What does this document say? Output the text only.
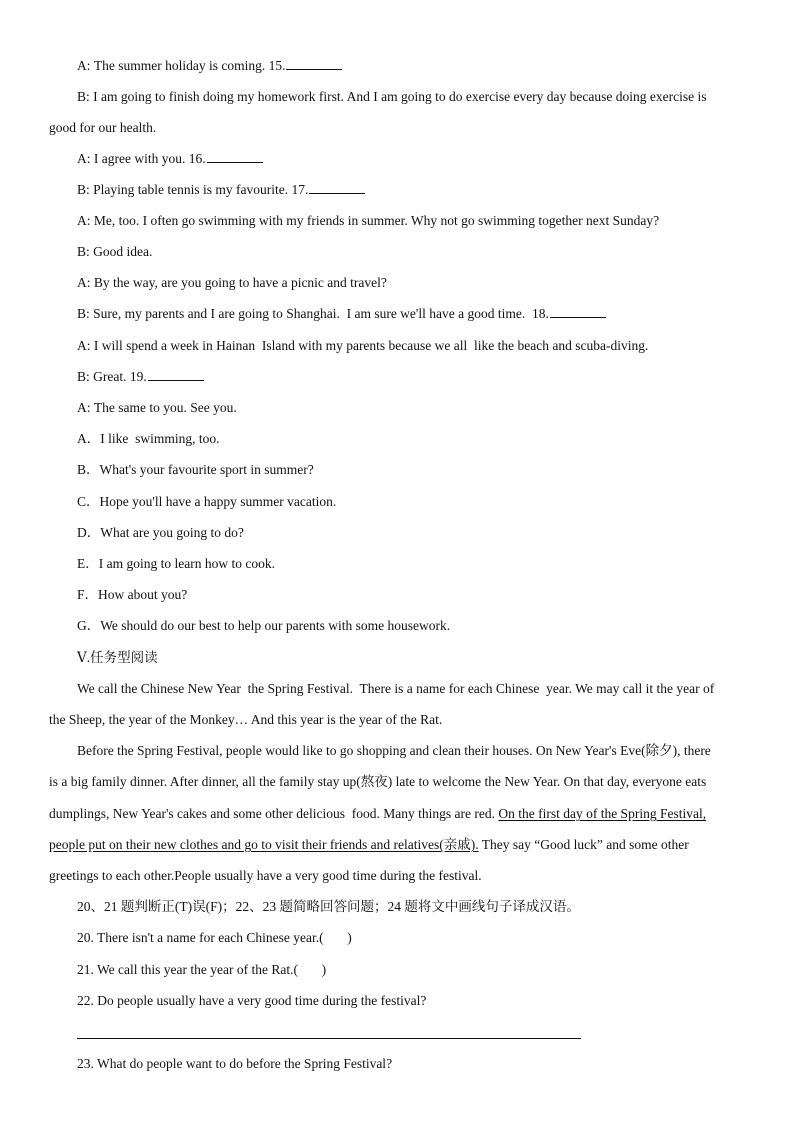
A: The summer holiday is coming. 15.
B: I am going to finish doing my homework first. And I am going to do exercise every day because doing exercise is
good for our health.
A: I agree with you. 16.
B: Playing table tennis is my favourite. 17.
A: Me, too. I often go swimming with my friends in summer. Why not go swimming together next Sunday?
B: Good idea.
A: By the way, are you going to have a picnic and travel?
B: Sure, my parents and I are going to Shanghai.  I am sure we'll have a good time.  18.
A: I will spend a week in Hainan  Island with my parents because we all  like the beach and scuba-diving.
B: Great. 19.
A: The same to you. See you.
A．I like  swimming, too.
B．What's your favourite sport in summer?
C．Hope you'll have a happy summer vacation.
D．What are you going to do?
E．I am going to learn how to cook.
F．How about you?
G．We should do our best to help our parents with some housework.
Ⅴ.任务型阅读
We call the Chinese New Year  the Spring Festival.  There is a name for each Chinese  year. We may call it the year of
the Sheep, the year of the Monkey… And this year is the year of the Rat.
Before the Spring Festival, people would like to go shopping and clean their houses. On New Year's Eve(除夕), there
is a big family dinner. After dinner, all the family stay up(熬夜) late to welcome the New Year. On that day, everyone eats
dumplings, New Year's cakes and some other delicious  food. Many things are red. On the first day of the Spring Festival,
people put on their new clothes and go to visit their friends and relatives(亲戚). They say “Good luck” and some other
greetings to each other.People usually have a very good time during the festival.
20、21 题判断正(T)误(F)；22、23 题简略回答问题；24 题将文中画线句子译成汉语。
20. There isn't a name for each Chinese year.( )
21. We call this year the year of the Rat.( )
22. Do people usually have a very good time during the festival?
23. What do people want to do before the Spring Festival?
